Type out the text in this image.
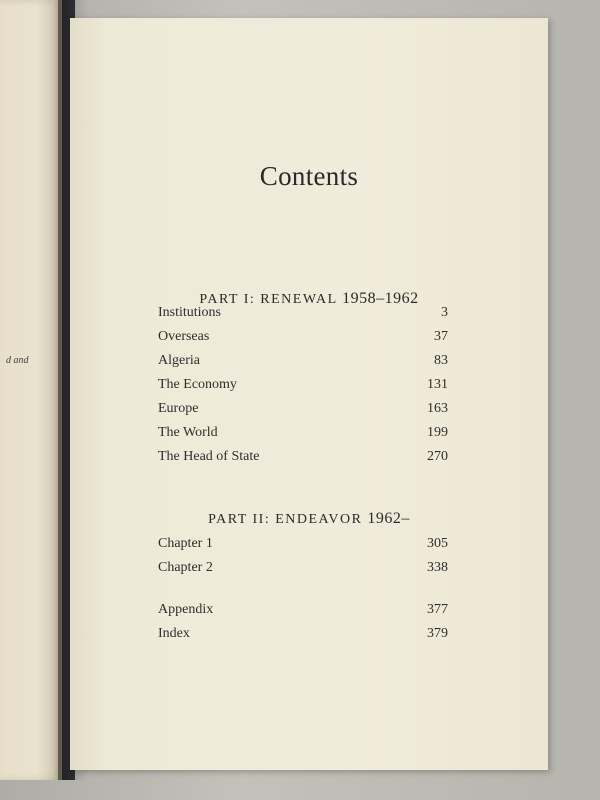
d and
Contents
PART I: RENEWAL 1958–1962
Institutions	3
Overseas	37
Algeria	83
The Economy	131
Europe	163
The World	199
The Head of State	270
PART II: ENDEAVOR 1962–
Chapter 1	305
Chapter 2	338
Appendix	377
Index	379
